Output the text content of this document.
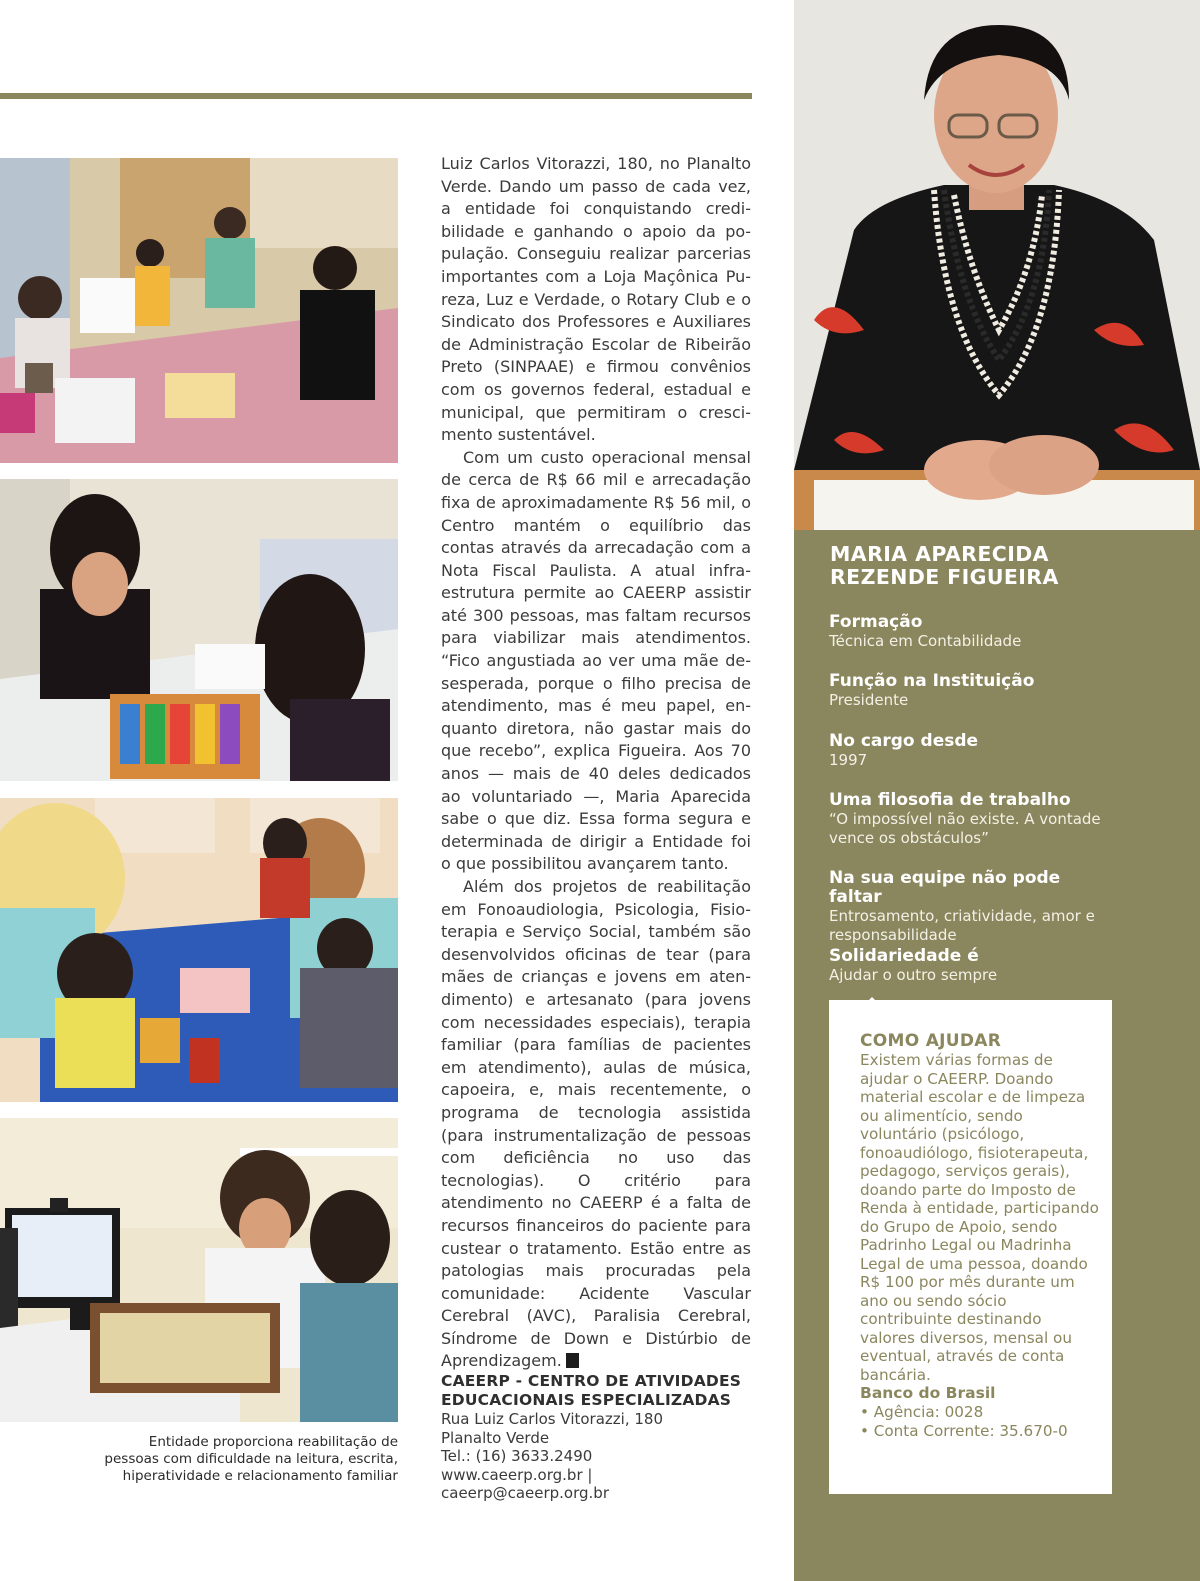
Entidade proporciona reabilitação de
pessoas com dificuldade na leitura, escrita,
hiperatividade e relacionamento familiar

Luiz Carlos Vitorazzi, 180, no Planalto Verde. Dando um passo de cada vez, a entidade foi conquistando credibilidade e ganhando o apoio da população. Conseguiu realizar parcerias importantes com a Loja Maçônica Pureza, Luz e Verdade, o Rotary Club e o Sindicato dos Professores e Auxiliares de Administração Escolar de Ribeirão Preto (SINPAAE) e firmou convênios com os governos federal, estadual e municipal, que permitiram o crescimento sustentável.

Com um custo operacional mensal de cerca de R$ 66 mil e arrecadação fixa de aproximadamente R$ 56 mil, o Centro mantém o equilíbrio das contas através da arrecadação com a Nota Fiscal Paulista. A atual infraestrutura permite ao CAEERP assistir até 300 pessoas, mas faltam recursos para viabilizar mais atendimentos. “Fico angustiada ao ver uma mãe desesperada, porque o filho precisa de atendimento, mas é meu papel, enquanto diretora, não gastar mais do que recebo”, explica Figueira. Aos 70 anos — mais de 40 deles dedicados ao voluntariado —, Maria Aparecida sabe o que diz. Essa forma segura e determinada de dirigir a Entidade foi o que possibilitou avançarem tanto.

Além dos projetos de reabilitação em Fonoaudiologia, Psicologia, Fisioterapia e Serviço Social, também são desenvolvidos oficinas de tear (para mães de crianças e jovens em atendimento) e artesanato (para jovens com necessidades especiais), terapia familiar (para famílias de pacientes em atendimento), aulas de música, capoeira, e, mais recentemente, o programa de tecnologia assistida (para instrumentalização de pessoas com deficiência no uso das tecnologias). O critério para atendimento no CAEERP é a falta de recursos financeiros do paciente para custear o tratamento. Estão entre as patologias mais procuradas pela comunidade: Acidente Vascular Cerebral (AVC), Paralisia Cerebral, Síndrome de Down e Distúrbio de Aprendizagem.

CAEERP - CENTRO DE ATIVIDADES
EDUCACIONAIS ESPECIALIZADAS
Rua Luiz Carlos Vitorazzi, 180
Planalto Verde
Tel.: (16) 3633.2490
www.caeerp.org.br | caeerp@caeerp.org.br
MARIA APARECIDA
REZENDE FIGUEIRA
Formação
Técnica em Contabilidade
Função na Instituição
Presidente
No cargo desde
1997
Uma filosofia de trabalho
“O impossível não existe. A vontade vence os obstáculos”
Na sua equipe não pode faltar
Entrosamento, criatividade, amor e responsabilidade
Solidariedade é
Ajudar o outro sempre
COMO AJUDAR
Existem várias formas de ajudar o CAEERP. Doando material escolar e de limpeza ou alimentício, sendo voluntário (psicólogo, fonoaudiólogo, fisioterapeuta, pedagogo, serviços gerais), doando parte do Imposto de Renda à entidade, participando do Grupo de Apoio, sendo Padrinho Legal ou Madrinha Legal de uma pessoa, doando R$ 100 por mês durante um ano ou sendo sócio contribuinte destinando valores diversos, mensal ou eventual, através de conta bancária.
Banco do Brasil
• Agência: 0028
• Conta Corrente: 35.670-0
